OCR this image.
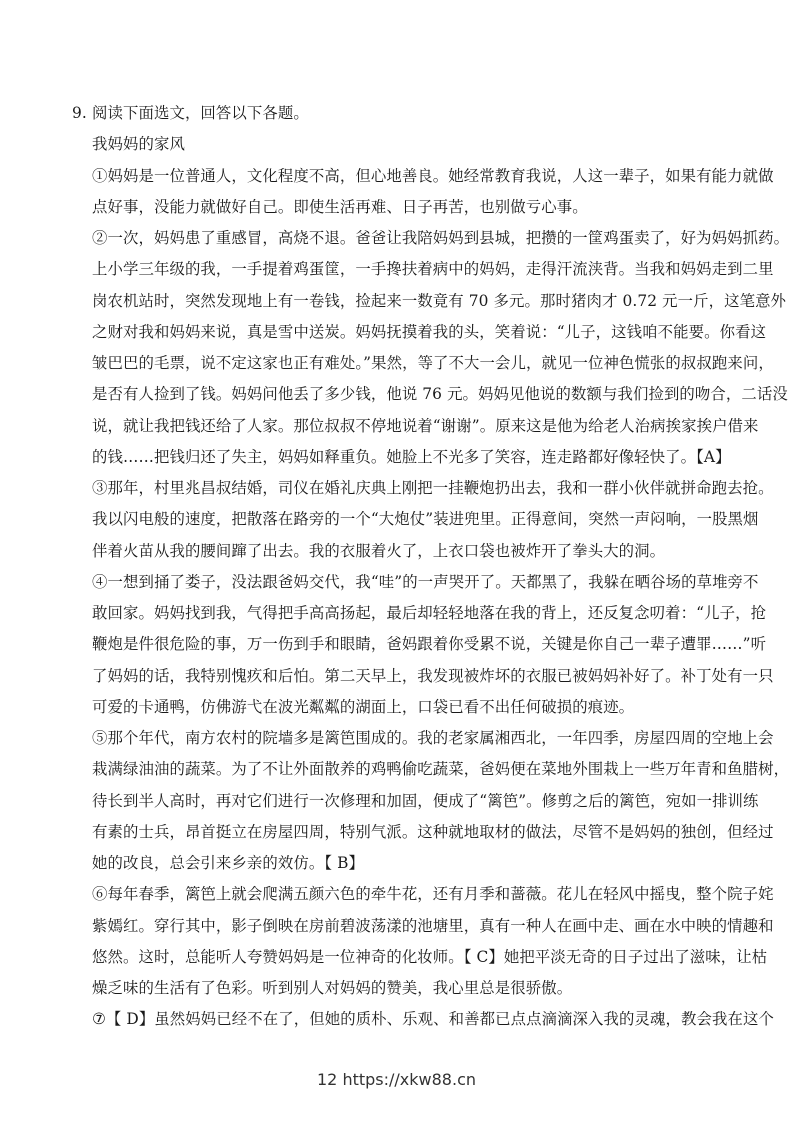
9. 阅读下面选文，回答以下各题。
我妈妈的家风
①妈妈是一位普通人，文化程度不高，但心地善良。她经常教育我说，人这一辈子，如果有能力就做
点好事，没能力就做好自己。即使生活再难、日子再苦，也别做亏心事。
②一次，妈妈患了重感冒，高烧不退。爸爸让我陪妈妈到县城，把攒的一筐鸡蛋卖了，好为妈妈抓药。
上小学三年级的我，一手提着鸡蛋筐，一手搀扶着病中的妈妈，走得汗流浃背。当我和妈妈走到二里
岗农机站时，突然发现地上有一卷钱，捡起来一数竟有 70 多元。那时猪肉才 0.72 元一斤，这笔意外
之财对我和妈妈来说，真是雪中送炭。妈妈抚摸着我的头，笑着说：“儿子，这钱咱不能要。你看这
皱巴巴的毛票，说不定这家也正有难处。”果然，等了不大一会儿，就见一位神色慌张的叔叔跑来问，
是否有人捡到了钱。妈妈问他丢了多少钱，他说 76 元。妈妈见他说的数额与我们捡到的吻合，二话没
说，就让我把钱还给了人家。那位叔叔不停地说着“谢谢”。原来这是他为给老人治病挨家挨户借来
的钱……把钱归还了失主，妈妈如释重负。她脸上不光多了笑容，连走路都好像轻快了。【A】
③那年，村里兆昌叔结婚，司仪在婚礼庆典上刚把一挂鞭炮扔出去，我和一群小伙伴就拼命跑去抢。
我以闪电般的速度，把散落在路旁的一个“大炮仗”装进兜里。正得意间，突然一声闷响，一股黑烟
伴着火苗从我的腰间蹿了出去。我的衣服着火了，上衣口袋也被炸开了拳头大的洞。
④一想到捅了娄子，没法跟爸妈交代，我“哇”的一声哭开了。天都黑了，我躲在晒谷场的草堆旁不
敢回家。妈妈找到我，气得把手高高扬起，最后却轻轻地落在我的背上，还反复念叨着：“儿子，抢
鞭炮是件很危险的事，万一伤到手和眼睛，爸妈跟着你受累不说，关键是你自己一辈子遭罪……”听
了妈妈的话，我特别愧疚和后怕。第二天早上，我发现被炸坏的衣服已被妈妈补好了。补丁处有一只
可爱的卡通鸭，仿佛游弋在波光粼粼的湖面上，口袋已看不出任何破损的痕迹。
⑤那个年代，南方农村的院墙多是篱笆围成的。我的老家属湘西北，一年四季，房屋四周的空地上会
栽满绿油油的蔬菜。为了不让外面散养的鸡鸭偷吃蔬菜，爸妈便在菜地外围栽上一些万年青和鱼腊树，
待长到半人高时，再对它们进行一次修理和加固，便成了“篱笆”。修剪之后的篱笆，宛如一排训练
有素的士兵，昂首挺立在房屋四周，特别气派。这种就地取材的做法，尽管不是妈妈的独创，但经过
她的改良，总会引来乡亲的效仿。【 B】
⑥每年春季，篱笆上就会爬满五颜六色的牵牛花，还有月季和蔷薇。花儿在轻风中摇曳，整个院子姹
紫嫣红。穿行其中，影子倒映在房前碧波荡漾的池塘里，真有一种人在画中走、画在水中映的情趣和
悠然。这时，总能听人夸赞妈妈是一位神奇的化妆师。【 C】她把平淡无奇的日子过出了滋味，让枯
燥乏味的生活有了色彩。听到别人对妈妈的赞美，我心里总是很骄傲。
⑦【 D】虽然妈妈已经不在了，但她的质朴、乐观、和善都已点点滴滴深入我的灵魂，教会我在这个
12 https://xkw88.cn
